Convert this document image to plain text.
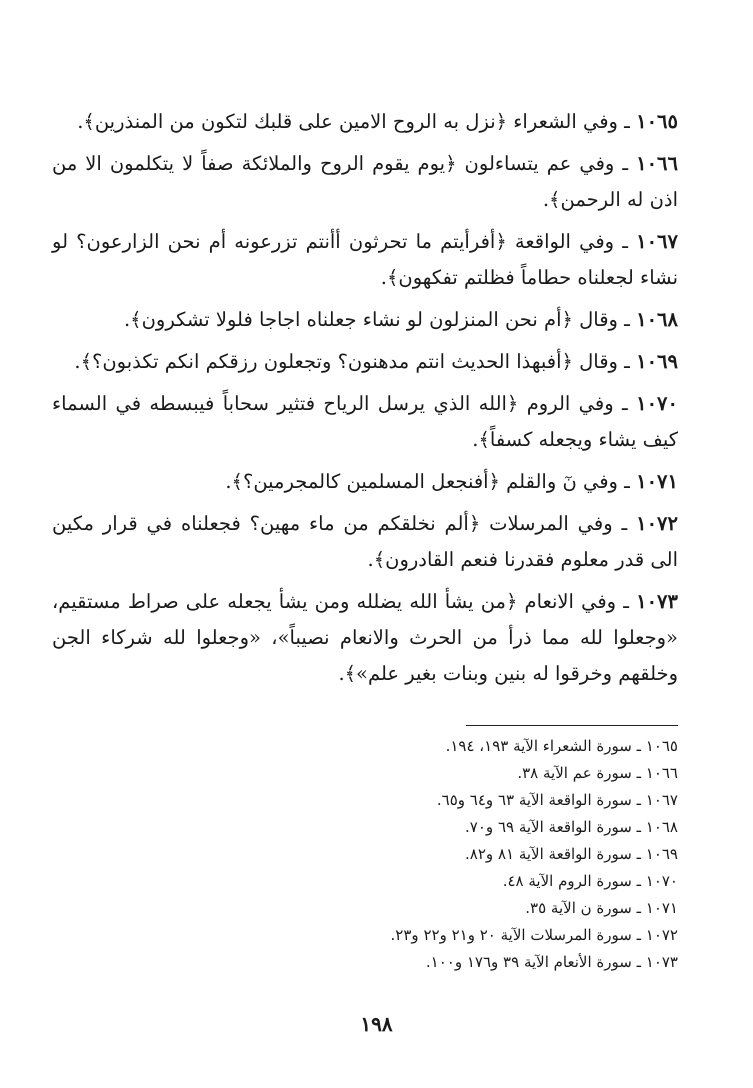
١٠٦٥ ـ وفي الشعراء ﴿نزل به الروح الامين على قلبك لتكون من المنذرين﴾.

١٠٦٦ ـ وفي عم يتساءلون ﴿يوم يقوم الروح والملائكة صفاً لا يتكلمون الا من اذن له الرحمن﴾.

١٠٦٧ ـ وفي الواقعة ﴿أفرأيتم ما تحرثون أأنتم تزرعونه أم نحن الزارعون؟ لو نشاء لجعلناه حطاماً فظلتم تفكهون﴾.

١٠٦٨ ـ وقال ﴿أم نحن المنزلون لو نشاء جعلناه اجاجا فلولا تشكرون﴾.

١٠٦٩ ـ وقال ﴿أفبهذا الحديث انتم مدهنون؟ وتجعلون رزقكم انكم تكذبون؟﴾.

١٠٧٠ ـ وفي الروم ﴿الله الذي يرسل الرياح فتثير سحاباً فيبسطه في السماء كيف يشاء ويجعله كسفاً﴾.

١٠٧١ ـ وفي نٓ والقلم ﴿أفنجعل المسلمين كالمجرمين؟﴾.

١٠٧٢ ـ وفي المرسلات ﴿ألم نخلقكم من ماء مهين؟ فجعلناه في قرار مكين الى قدر معلوم فقدرنا فنعم القادرون﴾.

١٠٧٣ ـ وفي الانعام ﴿من يشأ الله يضلله ومن يشأ يجعله على صراط مستقيم، «وجعلوا لله مما ذرأ من الحرث والانعام نصيباً»، «وجعلوا لله شركاء الجن وخلقهم وخرقوا له بنين وبنات بغير علم»﴾.

١٠٦٥ ـ سورة الشعراء الآية ١٩٣، ١٩٤.
١٠٦٦ ـ سورة عم الآية ٣٨.
١٠٦٧ ـ سورة الواقعة الآية ٦٣ و٦٤ و٦٥.
١٠٦٨ ـ سورة الواقعة الآية ٦٩ و٧٠.
١٠٦٩ ـ سورة الواقعة الآية ٨١ و٨٢.
١٠٧٠ ـ سورة الروم الآية ٤٨.
١٠٧١ ـ سورة ن الآية ٣٥.
١٠٧٢ ـ سورة المرسلات الآية ٢٠ و٢١ و٢٢ و٢٣.
١٠٧٣ ـ سورة الأنعام الآية ٣٩ و١٧٦ و١٠٠.
١٩٨
